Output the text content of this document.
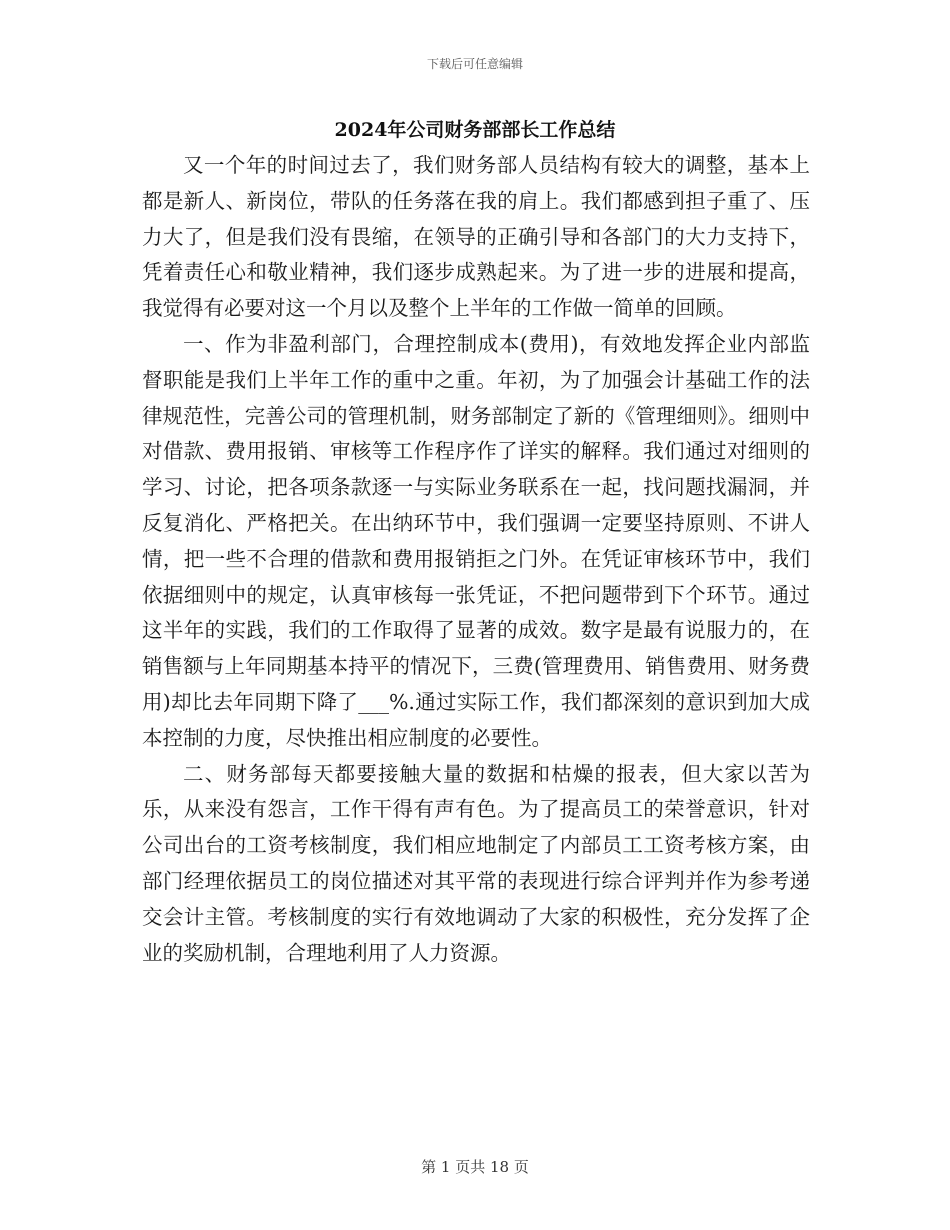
下载后可任意编辑
2024年公司财务部部长工作总结

又一个年的时间过去了，我们财务部人员结构有较大的调整，基本上都是新人、新岗位，带队的任务落在我的肩上。我们都感到担子重了、压力大了，但是我们没有畏缩，在领导的正确引导和各部门的大力支持下，凭着责任心和敬业精神，我们逐步成熟起来。为了进一步的进展和提高，我觉得有必要对这一个月以及整个上半年的工作做一简单的回顾。

一、作为非盈利部门，合理控制成本(费用)，有效地发挥企业内部监督职能是我们上半年工作的重中之重。年初，为了加强会计基础工作的法律规范性，完善公司的管理机制，财务部制定了新的《管理细则》。细则中对借款、费用报销、审核等工作程序作了详实的解释。我们通过对细则的学习、讨论，把各项条款逐一与实际业务联系在一起，找问题找漏洞，并反复消化、严格把关。在出纳环节中，我们强调一定要坚持原则、不讲人情，把一些不合理的借款和费用报销拒之门外。在凭证审核环节中，我们依据细则中的规定，认真审核每一张凭证，不把问题带到下个环节。通过这半年的实践，我们的工作取得了显著的成效。数字是最有说服力的，在销售额与上年同期基本持平的情况下，三费(管理费用、销售费用、财务费用)却比去年同期下降了___%.通过实际工作，我们都深刻的意识到加大成本控制的力度，尽快推出相应制度的必要性。

二、财务部每天都要接触大量的数据和枯燥的报表，但大家以苦为乐，从来没有怨言，工作干得有声有色。为了提高员工的荣誉意识，针对公司出台的工资考核制度，我们相应地制定了内部员工工资考核方案，由部门经理依据员工的岗位描述对其平常的表现进行综合评判并作为参考递交会计主管。考核制度的实行有效地调动了大家的积极性，充分发挥了企业的奖励机制，合理地利用了人力资源。

第 1 页共 18 页
